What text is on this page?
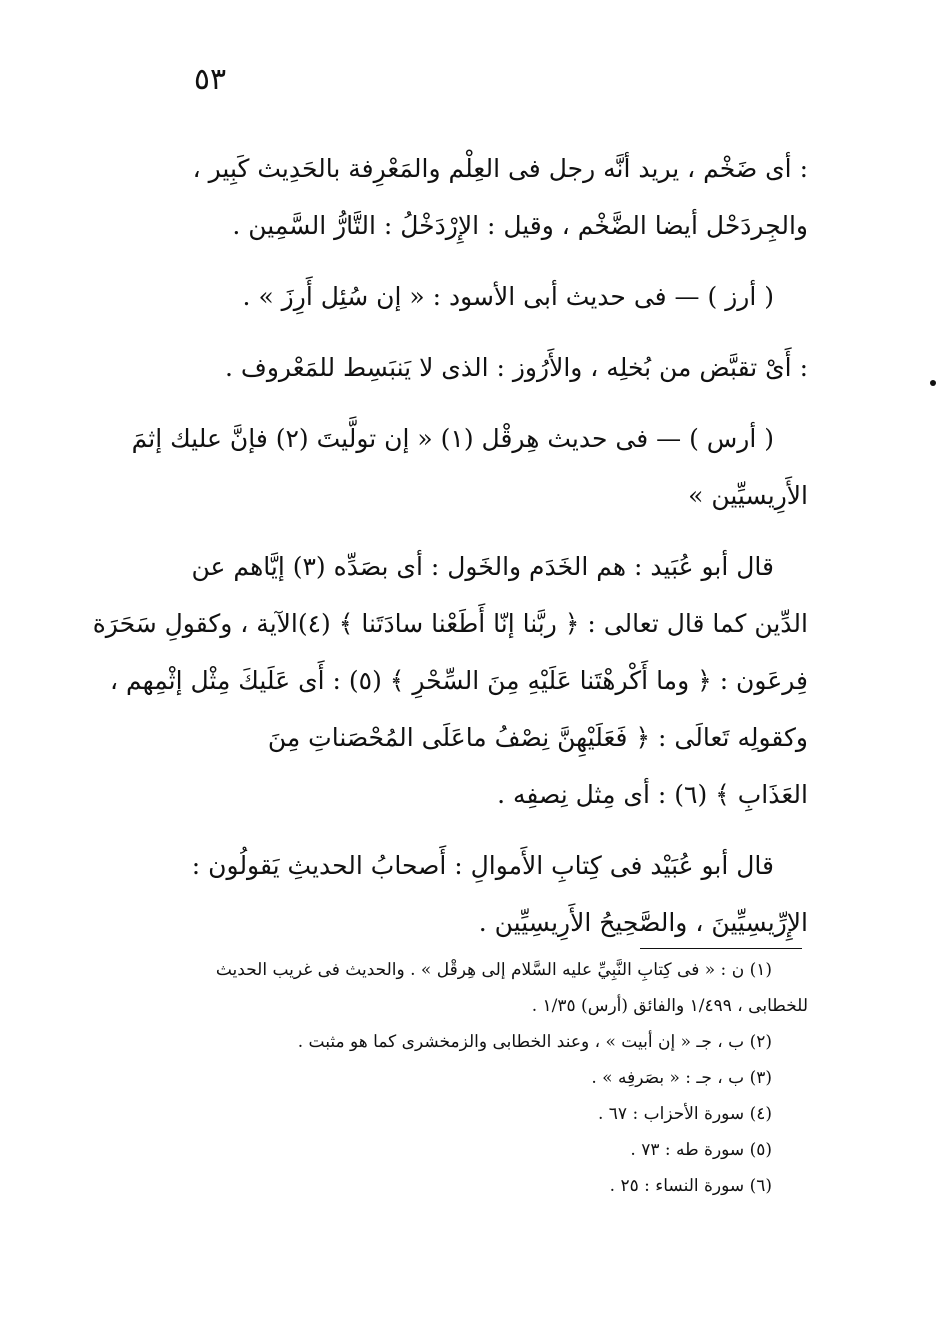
٥٣
: أى ضَخْم ، يريد أنَّه رجل فى العِلْم والمَعْرِفة بالحَدِيث كَبِير ،
والجِردَحْل أيضا الضَّخْم ، وقيل : الإِرْدَخْلُ : التَّارُّ السَّمِين .
( أرز ) — فى حديث أبى الأسود : « إن سُئِل أَرِزَ » .
: أَىْ تقبَّض من بُخلِه ، والأَرُوز : الذى لا يَنبَسِط للمَعْروف .
( أرس ) — فى حديث هِرقْل (١) « إن تولَّيتَ (٢) فإنَّ عليك إثمَ
الأَرِيسيِّين »
قال أبو عُبَيد : هم الخَدَم والخَول : أى بصَدِّه (٣) إيَّاهم عن
الدِّين كما قال تعالى : ﴿ ربَّنا إنّا أَطَعْنا سادَتَنا ﴾ (٤)الآية ، وكقولِ سَحَرَة
فِرعَون : ﴿ وما أَكْرهْتَنا عَلَيْهِ مِنَ السِّحْرِ ﴾ (٥) : أَى عَلَيكَ مِثْل إثْمِهم ،
وكقولِه تَعالَى : ﴿ فَعَلَيْهِنَّ نِصْفُ ماعَلَى المُحْصَناتِ مِنَ
العَذَابِ ﴾ (٦) : أى مِثل نِصفِه .
قال أبو عُبَيْد فى كِتابِ الأَموالِ : أَصحابُ الحديثِ يَقولُون :
الإِرِّيسِيِّينَ ، والصَّحِيحُ الأَرِيسِيِّين .
(١) ن : « فى كِتابِ النَّبِيِّ عليه السَّلام إلى هِرقْل » . والحديث فى غريب الحديث
للخطابى ، ١/٤٩٩ والفائق (أرس) ١/٣٥ .
(٢) ب ، جـ « إن أبيت » ، وعند الخطابى والزمخشرى كما هو مثبت .
(٣) ب ، جـ : « بصَرفِه » .
(٤) سورة الأحزاب : ٦٧ .
(٥) سورة طه : ٧٣ .
(٦) سورة النساء : ٢٥ .
